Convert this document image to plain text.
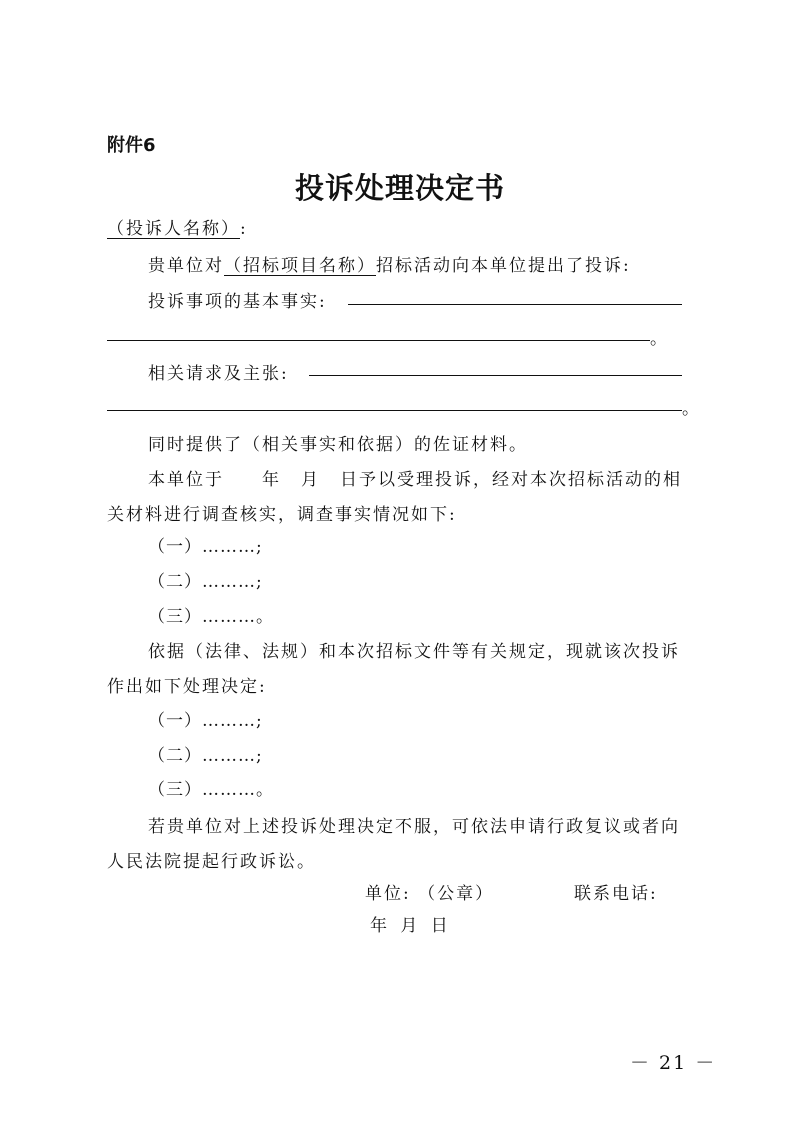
附件6
投诉处理决定书
（投诉人名称）:
贵单位对（招标项目名称）招标活动向本单位提出了投诉:
投诉事项的基本事实:
。
相关请求及主张:
。
同时提供了（相关事实和依据）的佐证材料。
本单位于 年 月 日予以受理投诉，经对本次招标活动的相
关材料进行调查核实，调查事实情况如下:
（一）………;
（二）………;
（三）………。
依据（法律、法规）和本次招标文件等有关规定，现就该次投诉
作出如下处理决定:
（一）………;
（二）………;
（三）………。
若贵单位对上述投诉处理决定不服，可依法申请行政复议或者向
人民法院提起行政诉讼。
单位: （公章）	联系电话:
年 月 日
－ 21 －
